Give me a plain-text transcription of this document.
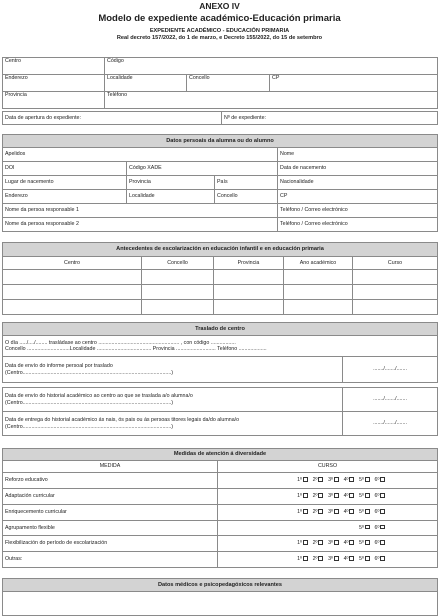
ANEXO IV
Modelo de expediente académico-Educación primaria
EXPEDIENTE ACADÉMICO - EDUCACIÓN PRIMARIA
Real decreto 157/2022, do 1 de marzo, e Decreto 155/2022, do 15 de setembro
Centro	Código		
Enderezo	Localidade	Concello	CP
Provincia	Teléfono		
Data de apertura do expediente:	Nº de expediente:
Datos persoais da alumna ou do alumno			
Apelidos			Nome
DOI	Código XADE		Data de nacemento
Lugar de nacemento	Provincia	País	Nacionalidade
Enderezo	Localidade	Concello	CP
Nome da persoa responsable 1			Teléfono / Correo electrónico
Nome da persoa responsable 2			Teléfono / Correo electrónico
Antecedentes de escolarización en educación infantil e en educación primaria				
Centro	Concello	Provincia	Ano académico	Curso

Traslado de centro	

O día ...../..../........ trasládase ao centro ....................................................... , con código .................
Concello .............................Localidade ..................................... Provincia ........................... Teléfono ...................	

Data de envío do informe persoal por traslado
(Centro.....................................................................................................)	......./......./.......

Data de envío do historial académico ao centro ao que se traslada a/o alumna/o
(Centro.....................................................................................................)	......./......./.......

Data de entrega do historial académico ás nais, ós pais ou ás persoas titores legais da/do alumna/o
(Centro.....................................................................................................)	......./......./.......
Medidas de atención á diversidade	
MEDIDA	CURSO
Reforzo educativo	1º 2º 3º 4º 5º 6º
Adaptación curricular	1º 2º 3º 4º 5º 6º
Enriquecemento curricular	1º 2º 3º 4º 5º 6º
Agrupamento flexible	5º 6º
Flexibilización do período de escolarización	1º 2º 3º 4º 5º 6º
Outras:	1º 2º 3º 4º 5º 6º
Datos médicos e psicopedagóxicos relevantes
